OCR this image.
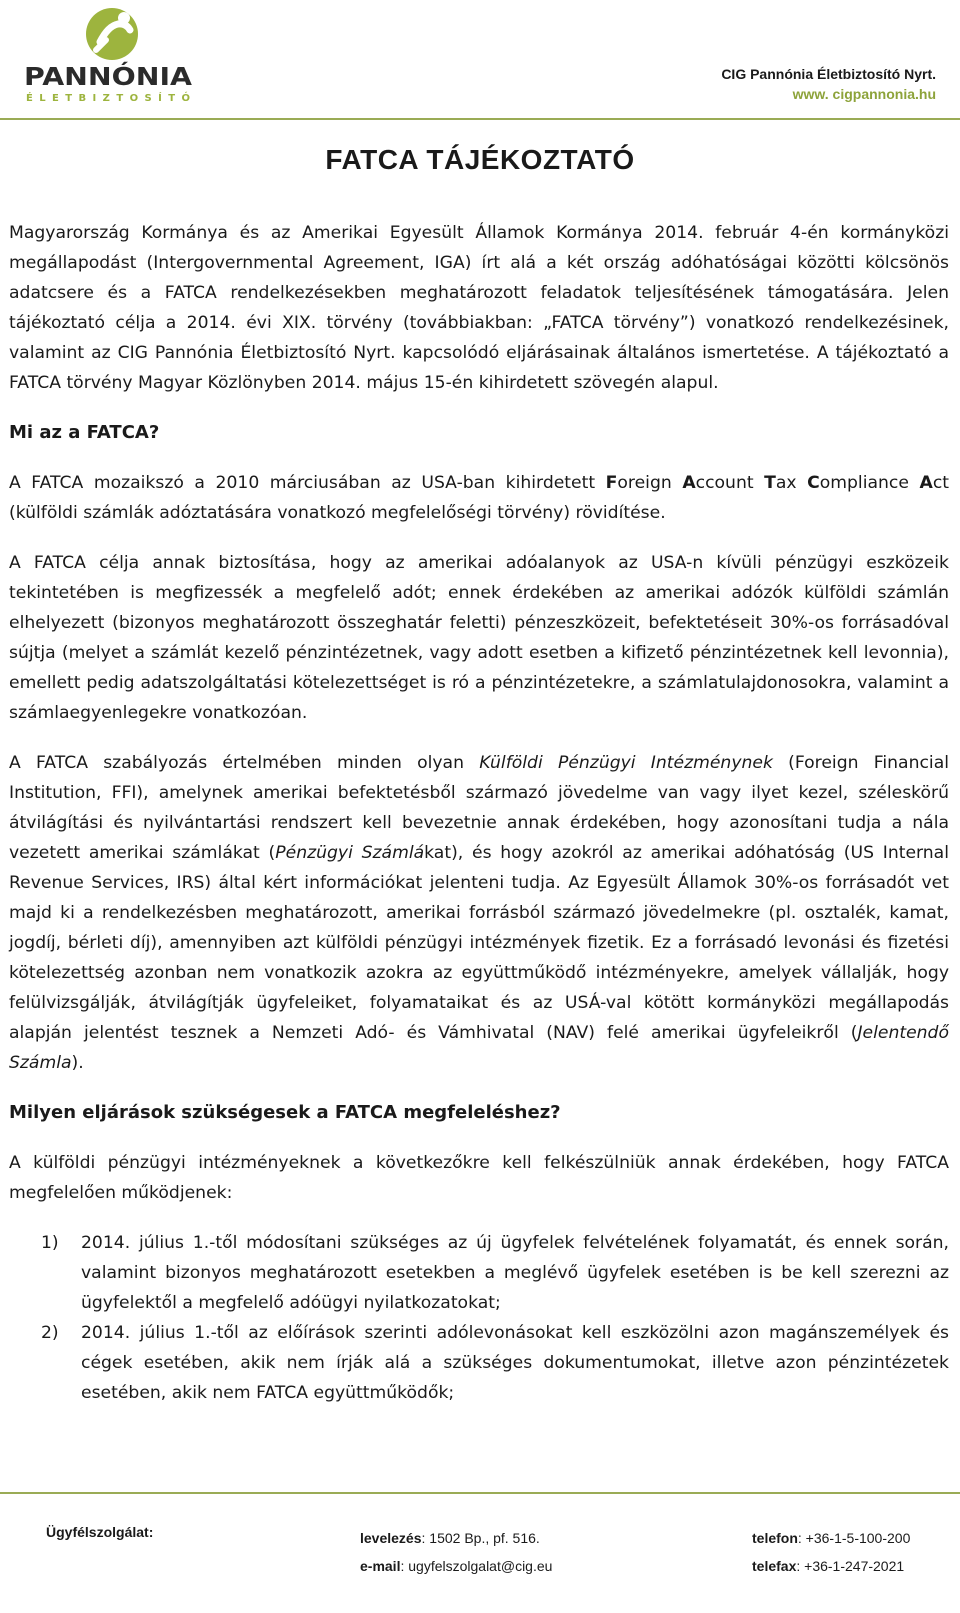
PANNÓNIA
ÉLETBIZTOSÍTÓ
CIG Pannónia Életbiztosító Nyrt.
www. cigpannonia.hu
FATCA TÁJÉKOZTATÓ

Magyarország Kormánya és az Amerikai Egyesült Államok Kormánya 2014. február 4-én kormányközi megállapodást (Intergovernmental Agreement, IGA) írt alá a két ország adóhatóságai közötti kölcsönös adatcsere és a FATCA rendelkezésekben meghatározott feladatok teljesítésének támogatására. Jelen tájékoztató célja a 2014. évi XIX. törvény (továbbiakban: „FATCA törvény”) vonatkozó rendelkezésinek, valamint az CIG Pannónia Életbiztosító Nyrt. kapcsolódó eljárásainak általános ismertetése. A tájékoztató a FATCA törvény Magyar Közlönyben 2014. május 15-én kihirdetett szövegén alapul.

Mi az a FATCA?

A FATCA mozaikszó a 2010 márciusában az USA-ban kihirdetett Foreign Account Tax Compliance Act (külföldi számlák adóztatására vonatkozó megfelelőségi törvény) rövidítése.

A FATCA célja annak biztosítása, hogy az amerikai adóalanyok az USA-n kívüli pénzügyi eszközeik tekintetében is megfizessék a megfelelő adót; ennek érdekében az amerikai adózók külföldi számlán elhelyezett (bizonyos meghatározott összeghatár feletti) pénzeszközeit, befektetéseit 30%-os forrásadóval sújtja (melyet a számlát kezelő pénzintézetnek, vagy adott esetben a kifizető pénzintézetnek kell levonnia), emellett pedig adatszolgáltatási kötelezettséget is ró a pénzintézetekre, a számlatulajdonosokra, valamint a számlaegyenlegekre vonatkozóan.

A FATCA szabályozás értelmében minden olyan Külföldi Pénzügyi Intézménynek (Foreign Financial Institution, FFI), amelynek amerikai befektetésből származó jövedelme van vagy ilyet kezel, széleskörű átvilágítási és nyilvántartási rendszert kell bevezetnie annak érdekében, hogy azonosítani tudja a nála vezetett amerikai számlákat (Pénzügyi Számlákat), és hogy azokról az amerikai adóhatóság (US Internal Revenue Services, IRS) által kért információkat jelenteni tudja. Az Egyesült Államok 30%-os forrásadót vet majd ki a rendelkezésben meghatározott, amerikai forrásból származó jövedelmekre (pl. osztalék, kamat, jogdíj, bérleti díj), amennyiben azt külföldi pénzügyi intézmények fizetik. Ez a forrásadó levonási és fizetési kötelezettség azonban nem vonatkozik azokra az együttműködő intézményekre, amelyek vállalják, hogy felülvizsgálják, átvilágítják ügyfeleiket, folyamataikat és az USÁ-val kötött kormányközi megállapodás alapján jelentést tesznek a Nemzeti Adó- és Vámhivatal (NAV) felé amerikai ügyfeleikről (Jelentendő Számla).

Milyen eljárások szükségesek a FATCA megfeleléshez?

A külföldi pénzügyi intézményeknek a következőkre kell felkészülniük annak érdekében, hogy FATCA megfelelően működjenek:

1) 2014. július 1.-től módosítani szükséges az új ügyfelek felvételének folyamatát, és ennek során, valamint bizonyos meghatározott esetekben a meglévő ügyfelek esetében is be kell szerezni az ügyfelektől a megfelelő adóügyi nyilatkozatokat;
2) 2014. július 1.-től az előírások szerinti adólevonásokat kell eszközölni azon magánszemélyek és cégek esetében, akik nem írják alá a szükséges dokumentumokat, illetve azon pénzintézetek esetében, akik nem FATCA együttműködők;
Ügyfélszolgálat:	levelezés: 1502 Bp., pf. 516.
e-mail: ugyfelszolgalat@cig.eu
telefon: +36-1-5-100-200
telefax: +36-1-247-2021
